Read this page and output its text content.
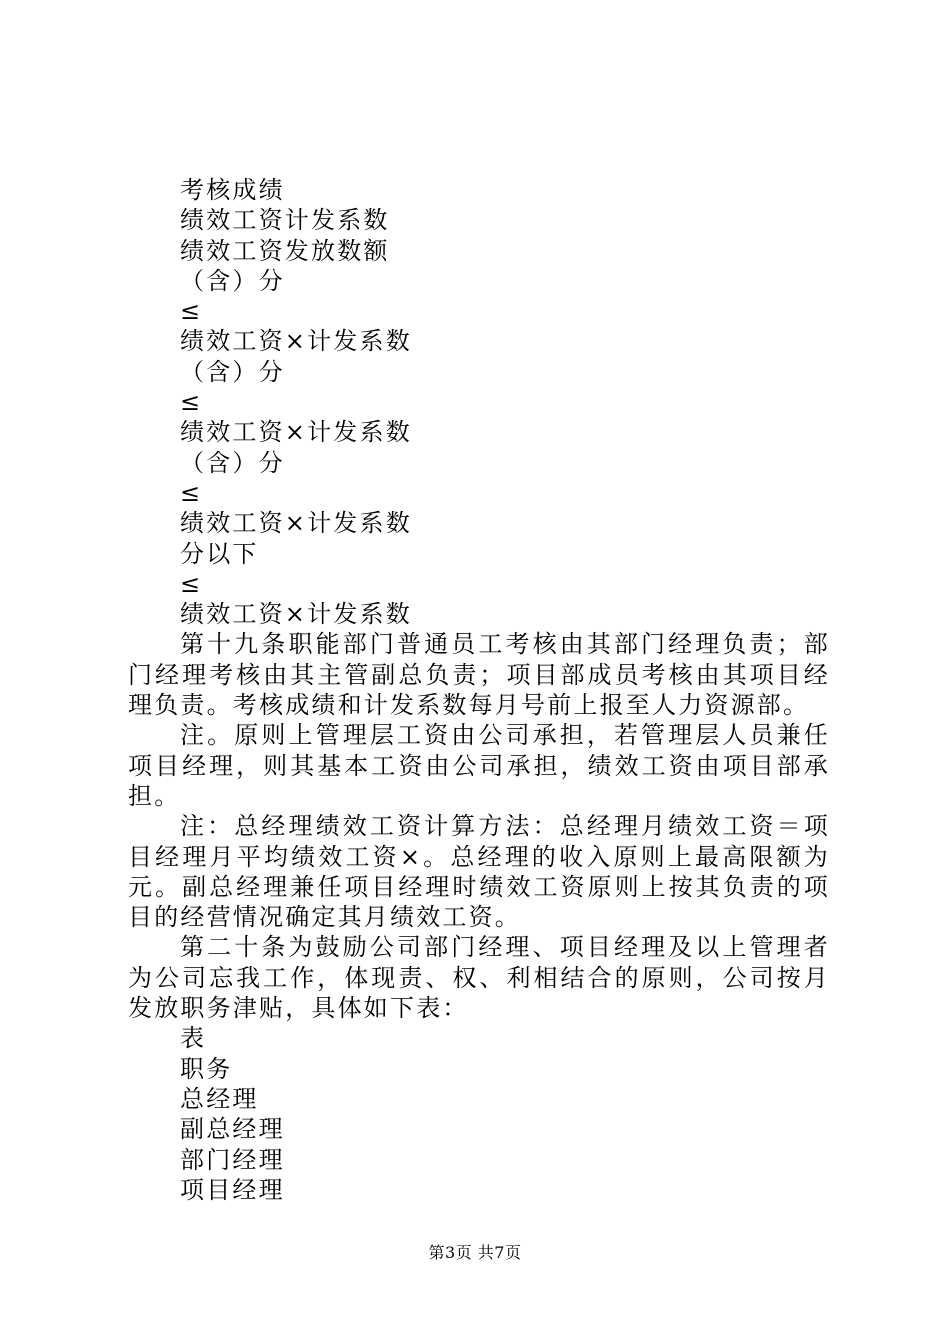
考核成绩
绩效工资计发系数
绩效工资发放数额
（含）分
≤
绩效工资×计发系数
（含）分
≤
绩效工资×计发系数
（含）分
≤
绩效工资×计发系数
分以下
≤
绩效工资×计发系数

第十九条职能部门普通员工考核由其部门经理负责；部门经理考核由其主管副总负责；项目部成员考核由其项目经理负责。考核成绩和计发系数每月号前上报至人力资源部。

注。原则上管理层工资由公司承担，若管理层人员兼任项目经理，则其基本工资由公司承担，绩效工资由项目部承担。

注：总经理绩效工资计算方法：总经理月绩效工资＝项目经理月平均绩效工资×。总经理的收入原则上最高限额为元。副总经理兼任项目经理时绩效工资原则上按其负责的项目的经营情况确定其月绩效工资。

第二十条为鼓励公司部门经理、项目经理及以上管理者为公司忘我工作，体现责、权、利相结合的原则，公司按月发放职务津贴，具体如下表：

表
职务
总经理
副总经理
部门经理
项目经理
第3页 共7页
